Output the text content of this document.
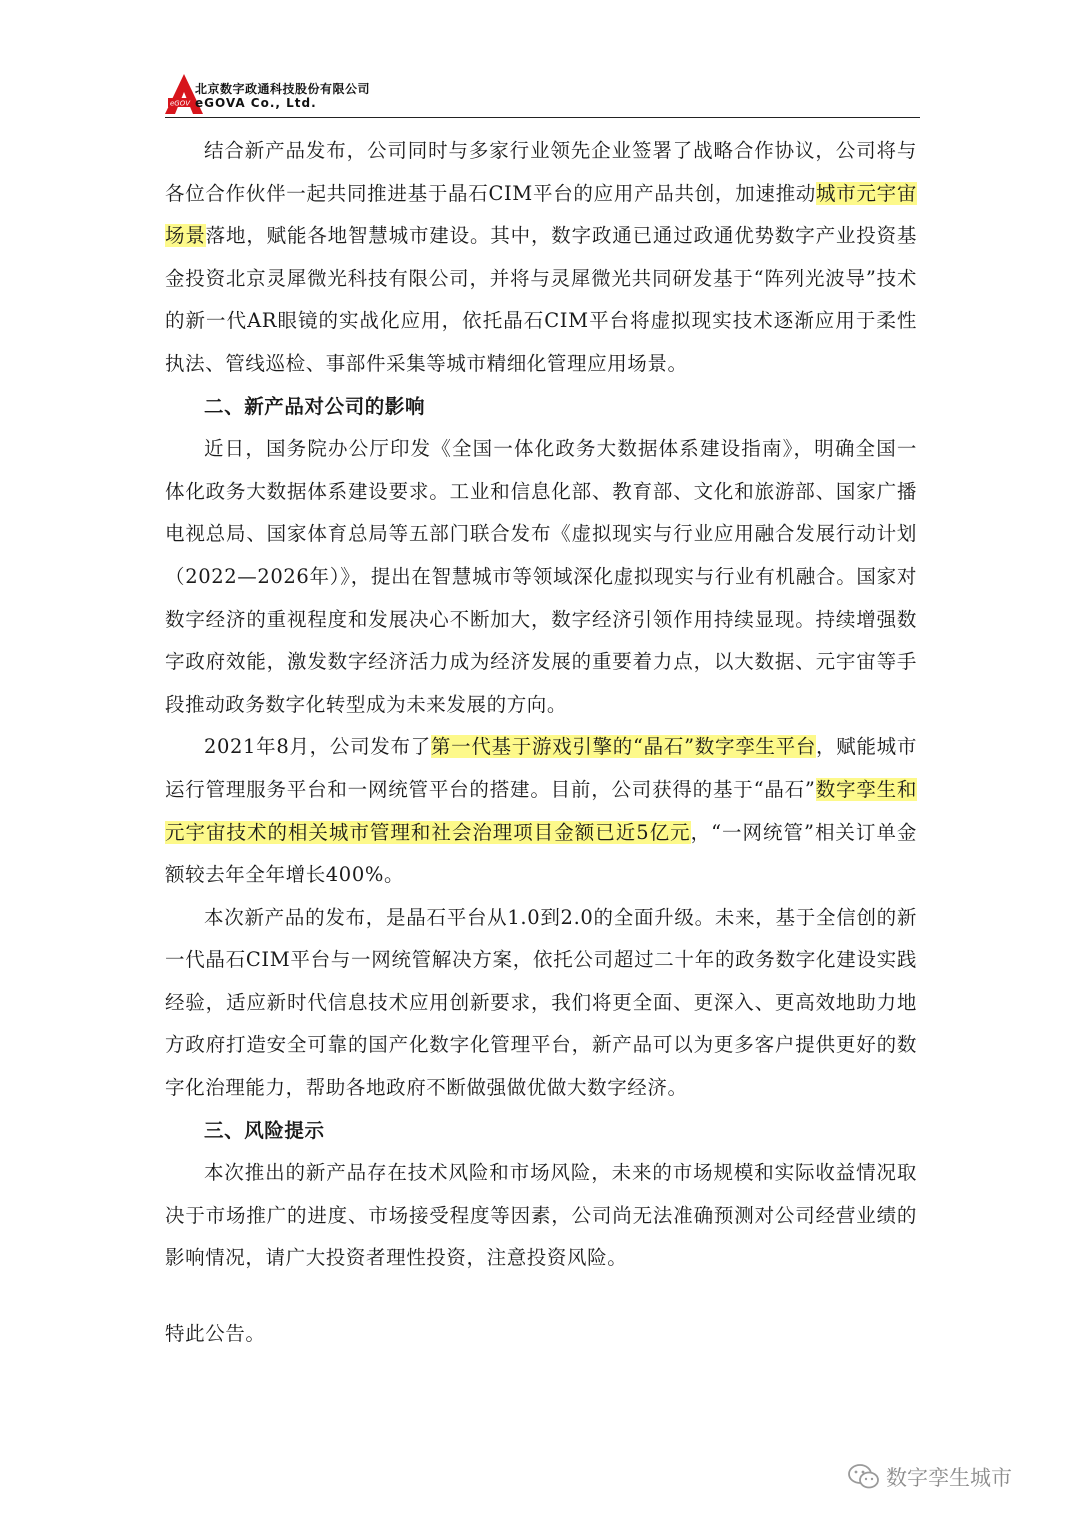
eGOV
北京数字政通科技股份有限公司
eGOVA Co., Ltd.

结合新产品发布，公司同时与多家行业领先企业签署了战略合作协议，公司将与各位合作伙伴一起共同推进基于晶石CIM平台的应用产品共创，加速推动城市元宇宙场景落地，赋能各地智慧城市建设。其中，数字政通已通过政通优势数字产业投资基金投资北京灵犀微光科技有限公司，并将与灵犀微光共同研发基于“阵列光波导”技术的新一代AR眼镜的实战化应用，依托晶石CIM平台将虚拟现实技术逐渐应用于柔性执法、管线巡检、事部件采集等城市精细化管理应用场景。

二、新产品对公司的影响

近日，国务院办公厅印发《全国一体化政务大数据体系建设指南》，明确全国一体化政务大数据体系建设要求。工业和信息化部、教育部、文化和旅游部、国家广播电视总局、国家体育总局等五部门联合发布《虚拟现实与行业应用融合发展行动计划（2022—2026年）》，提出在智慧城市等领域深化虚拟现实与行业有机融合。国家对数字经济的重视程度和发展决心不断加大，数字经济引领作用持续显现。持续增强数字政府效能，激发数字经济活力成为经济发展的重要着力点，以大数据、元宇宙等手段推动政务数字化转型成为未来发展的方向。

2021年8月，公司发布了第一代基于游戏引擎的“晶石”数字孪生平台，赋能城市运行管理服务平台和一网统管平台的搭建。目前，公司获得的基于“晶石”数字孪生和元宇宙技术的相关城市管理和社会治理项目金额已近5亿元，“一网统管”相关订单金额较去年全年增长400%。

本次新产品的发布，是晶石平台从1.0到2.0的全面升级。未来，基于全信创的新一代晶石CIM平台与一网统管解决方案，依托公司超过二十年的政务数字化建设实践经验，适应新时代信息技术应用创新要求，我们将更全面、更深入、更高效地助力地方政府打造安全可靠的国产化数字化管理平台，新产品可以为更多客户提供更好的数字化治理能力，帮助各地政府不断做强做优做大数字经济。

三、风险提示

本次推出的新产品存在技术风险和市场风险，未来的市场规模和实际收益情况取决于市场推广的进度、市场接受程度等因素，公司尚无法准确预测对公司经营业绩的影响情况，请广大投资者理性投资，注意投资风险。

特此公告。
数字孪生城市
